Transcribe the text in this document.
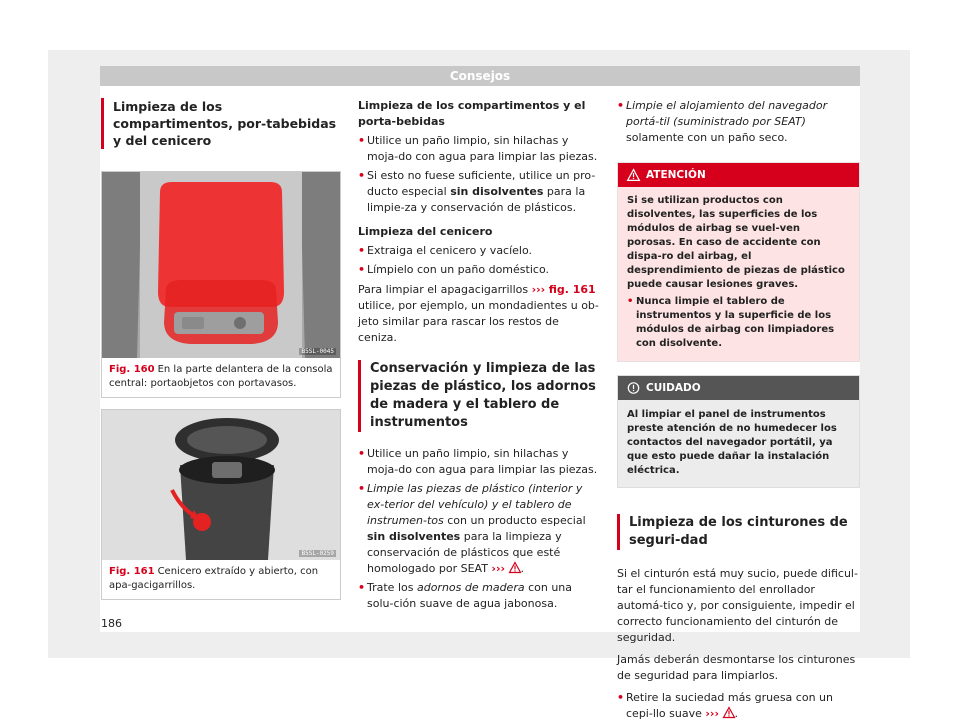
Consejos
Limpieza de los compartimentos, por-tabebidas y del cenicero
B5SL-0045
Fig. 160 En la parte delantera de la consola central: portaobjetos con portavasos.
B5SL-0259
Fig. 161 Cenicero extraído y abierto, con apa-gacigarrillos.

Limpieza de los compartimentos y el porta-bebidas

• Utilice un paño limpio, sin hilachas y moja-do con agua para limpiar las piezas.
• Si esto no fuese suficiente, utilice un pro-ducto especial sin disolventes para la limpie-za y conservación de plásticos.

Limpieza del cenicero

• Extraiga el cenicero y vacíelo.
• Límpielo con un paño doméstico.

Para limpiar el apagacigarrillos ››› fig. 161 utilice, por ejemplo, un mondadientes u ob-jeto similar para rascar los restos de ceniza.

Conservación y limpieza de las piezas de plástico, los adornos de madera y el tablero de instrumentos
• Utilice un paño limpio, sin hilachas y moja-do con agua para limpiar las piezas.
• Limpie las piezas de plástico (interior y ex-terior del vehículo) y el tablero de instrumen-tos con un producto especial sin disolventes para la limpieza y conservación de plásticos que esté homologado por SEAT ››› .
• Trate los adornos de madera con una solu-ción suave de agua jabonosa.
• Limpie el alojamiento del navegador portá-til (suministrado por SEAT) solamente con un paño seco.
ATENCIÓN
Si se utilizan productos con disolventes, las superficies de los módulos de airbag se vuel-ven porosas. En caso de accidente con dispa-ro del airbag, el desprendimiento de piezas de plástico puede causar lesiones graves.
• Nunca limpie el tablero de instrumentos y la superficie de los módulos de airbag con limpiadores con disolvente.
CUIDADO
Al limpiar el panel de instrumentos preste atención de no humedecer los contactos del navegador portátil, ya que esto puede dañar la instalación eléctrica.
Limpieza de los cinturones de seguri-dad

Si el cinturón está muy sucio, puede dificul-tar el funcionamiento del enrollador automá-tico y, por consiguiente, impedir el correcto funcionamiento del cinturón de seguridad.

Jamás deberán desmontarse los cinturones de seguridad para limpiarlos.

• Retire la suciedad más gruesa con un cepi-llo suave ››› .
186
